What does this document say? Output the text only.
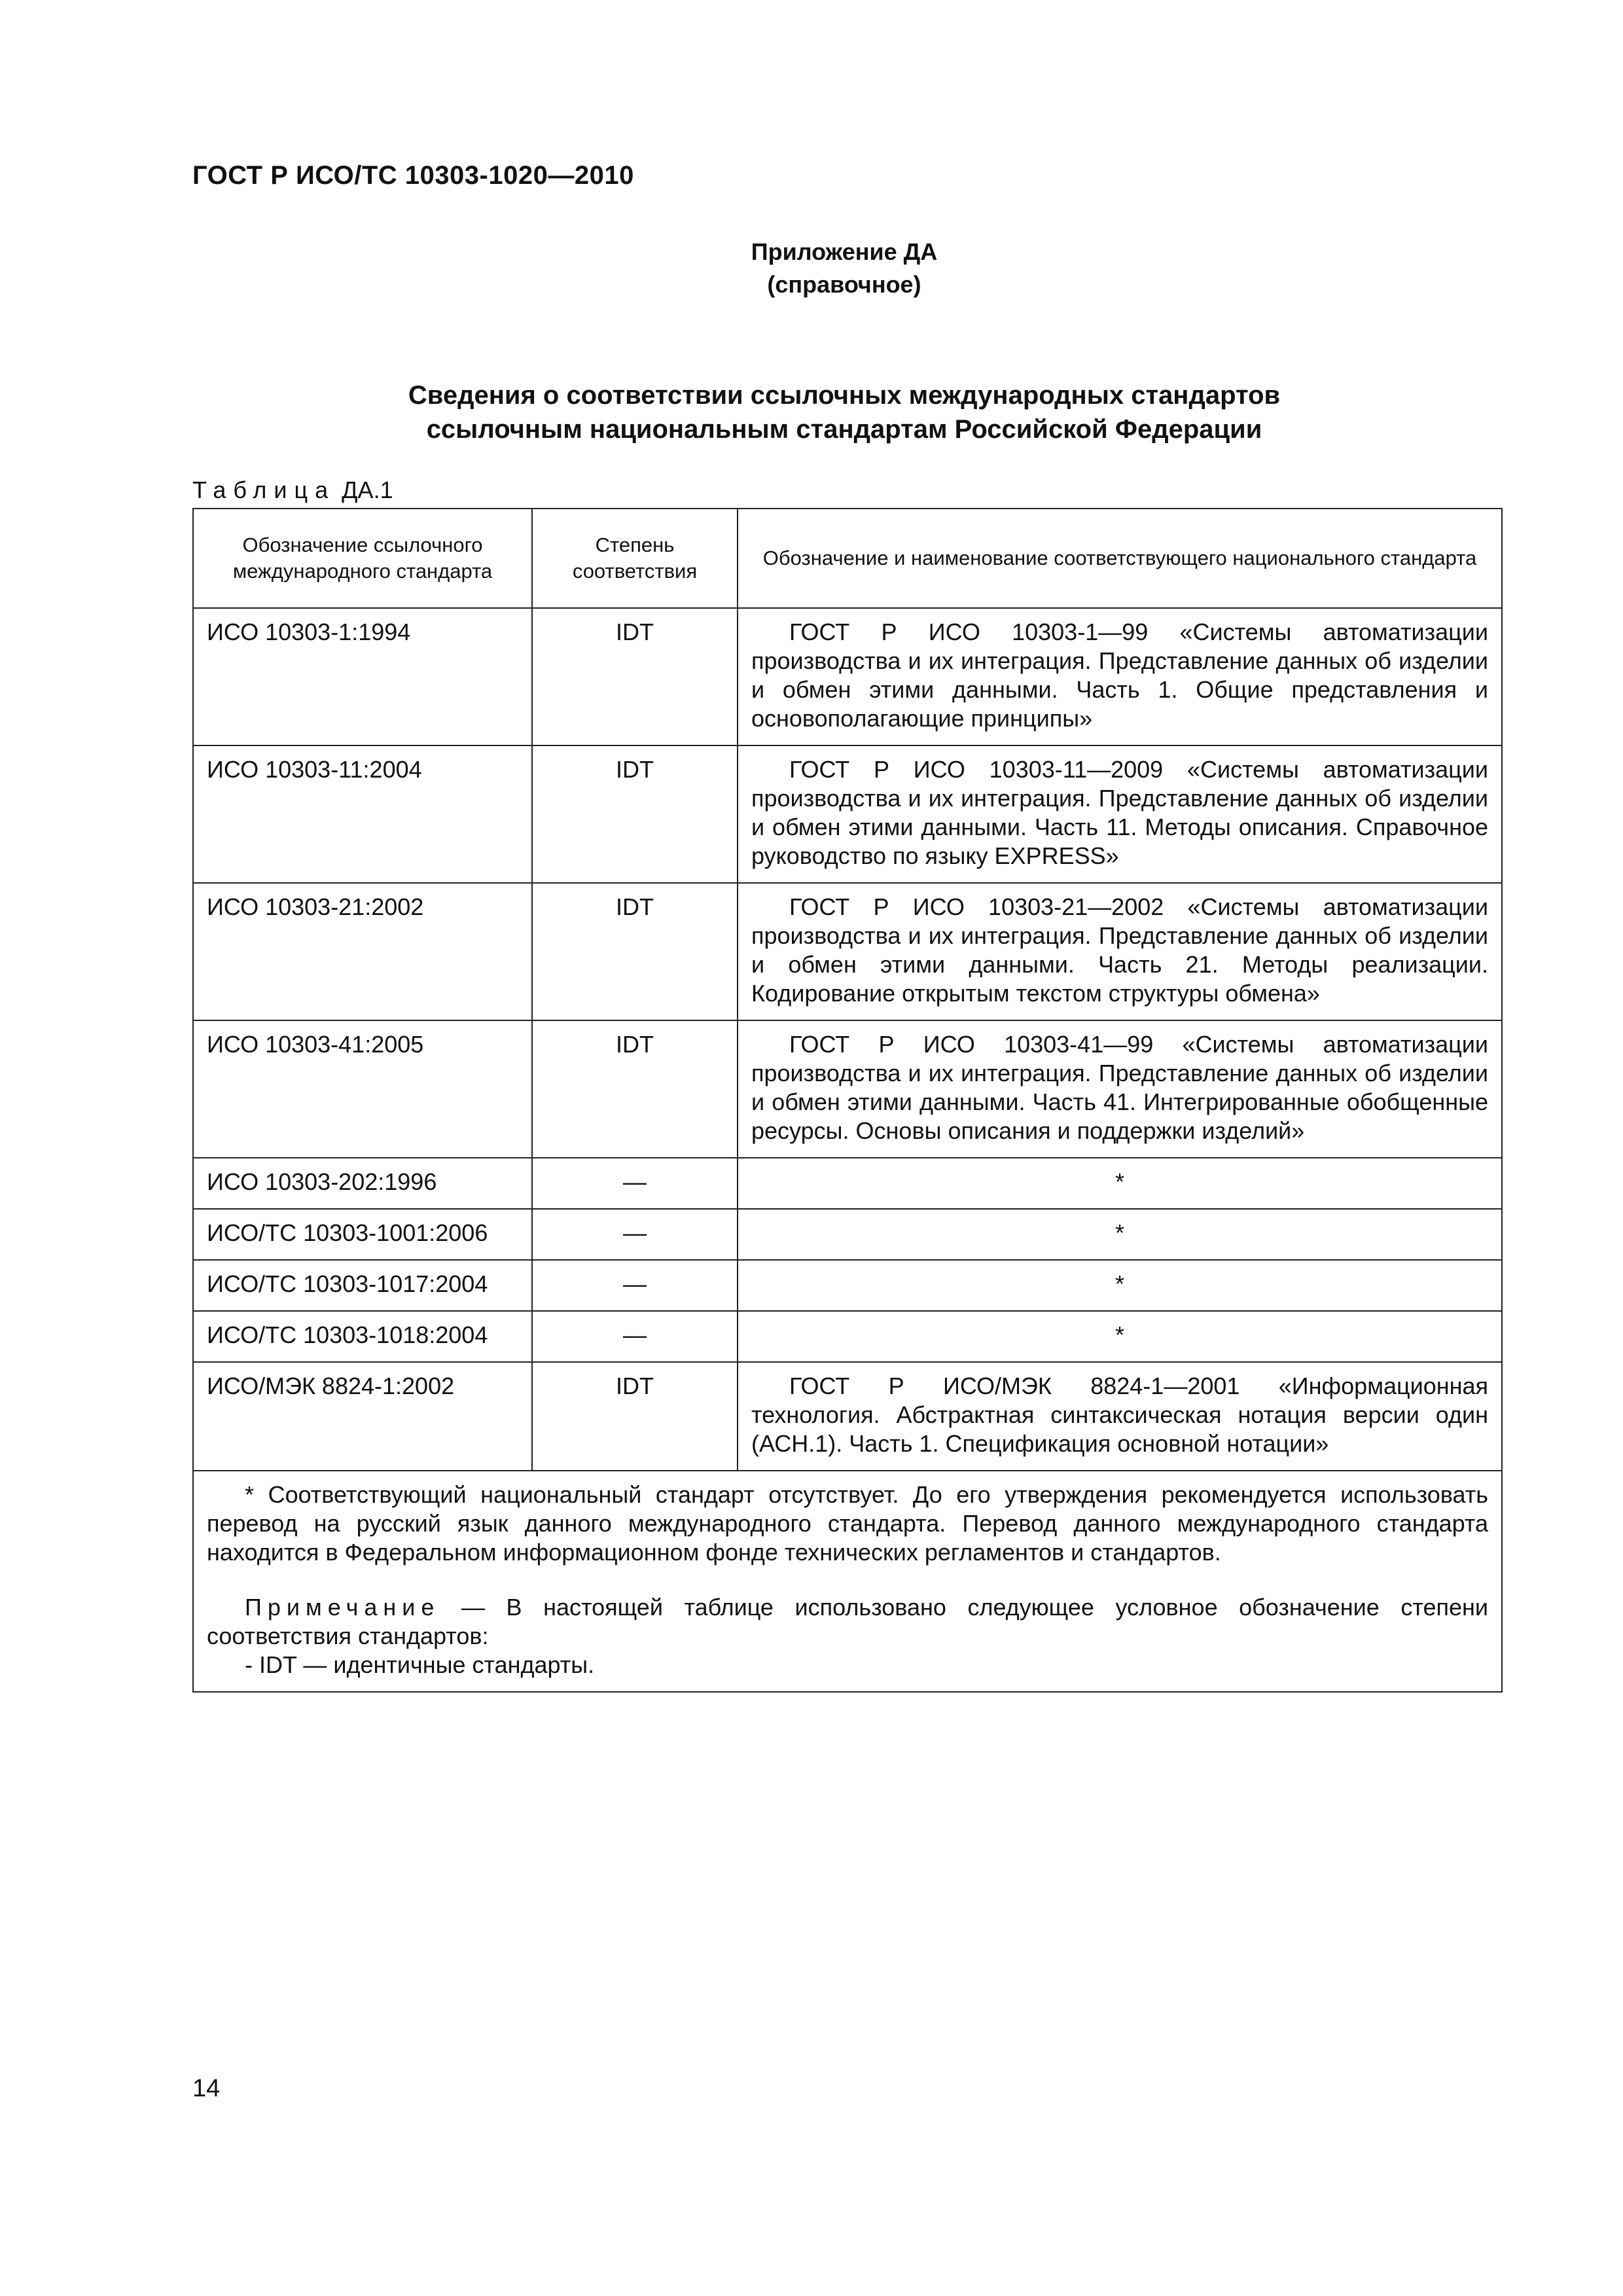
ГОСТ Р ИСО/ТС 10303-1020—2010
Приложение ДА
(справочное)
Сведения о соответствии ссылочных международных стандартов
ссылочным национальным стандартам Российской Федерации
Таблица ДА.1
Обозначение ссылочного международного стандарта	Степень соответствия	Обозначение и наименование соответствующего национального стандарта
ИСО 10303-1:1994	IDT	ГОСТ Р ИСО 10303-1—99 «Системы автоматизации производства и их интеграция. Представление данных об изделии и обмен этими данными. Часть 1. Общие представления и основополагающие принципы»
ИСО 10303-11:2004	IDT	ГОСТ Р ИСО 10303-11—2009 «Системы автоматизации производства и их интеграция. Представление данных об изделии и обмен этими данными. Часть 11. Методы описания. Справочное руководство по языку EXPRESS»
ИСО 10303-21:2002	IDT	ГОСТ Р ИСО 10303-21—2002 «Системы автоматизации производства и их интеграция. Представление данных об изделии и обмен этими данными. Часть 21. Методы реализации. Кодирование открытым текстом структуры обмена»
ИСО 10303-41:2005	IDT	ГОСТ Р ИСО 10303-41—99 «Системы автоматизации производства и их интеграция. Представление данных об изделии и обмен этими данными. Часть 41. Интегрированные обобщенные ресурсы. Основы описания и поддержки изделий»
ИСО 10303-202:1996	—	*
ИСО/ТС 10303-1001:2006	—	*
ИСО/ТС 10303-1017:2004	—	*
ИСО/ТС 10303-1018:2004	—	*
ИСО/МЭК 8824-1:2002	IDT	ГОСТ Р ИСО/МЭК 8824-1—2001 «Информационная технология. Абстрактная синтаксическая нотация версии один (АСН.1). Часть 1. Спецификация основной нотации»

* Соответствующий национальный стандарт отсутствует. До его утверждения рекомендуется использовать перевод на русский язык данного международного стандарта. Перевод данного международного стандарта находится в Федеральном информационном фонде технических регламентов и стандартов.

Примечание — В настоящей таблице использовано следующее условное обозначение степени соответствия стандартов:

- IDT — идентичные стандарты.		

14
